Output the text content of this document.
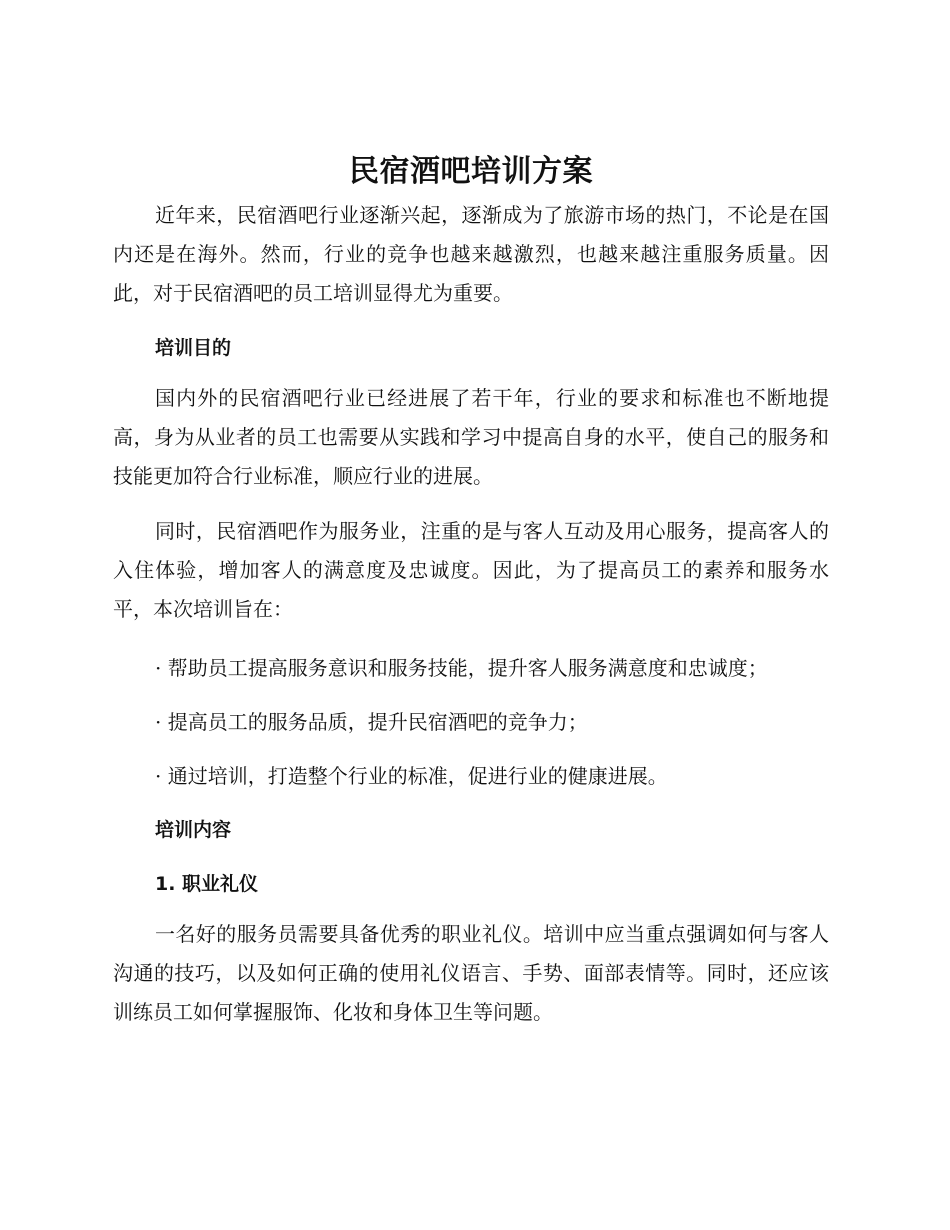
民宿酒吧培训方案

近年来，民宿酒吧行业逐渐兴起，逐渐成为了旅游市场的热门，不论是在国内还是在海外。然而，行业的竞争也越来越激烈，也越来越注重服务质量。因此，对于民宿酒吧的员工培训显得尤为重要。

培训目的

国内外的民宿酒吧行业已经进展了若干年，行业的要求和标准也不断地提高，身为从业者的员工也需要从实践和学习中提高自身的水平，使自己的服务和技能更加符合行业标准，顺应行业的进展。

同时，民宿酒吧作为服务业，注重的是与客人互动及用心服务，提高客人的入住体验，增加客人的满意度及忠诚度。因此，为了提高员工的素养和服务水平，本次培训旨在：

· 帮助员工提高服务意识和服务技能，提升客人服务满意度和忠诚度；

· 提高员工的服务品质，提升民宿酒吧的竞争力；

· 通过培训，打造整个行业的标准，促进行业的健康进展。

培训内容
1. 职业礼仪

一名好的服务员需要具备优秀的职业礼仪。培训中应当重点强调如何与客人沟通的技巧，以及如何正确的使用礼仪语言、手势、面部表情等。同时，还应该训练员工如何掌握服饰、化妆和身体卫生等问题。
